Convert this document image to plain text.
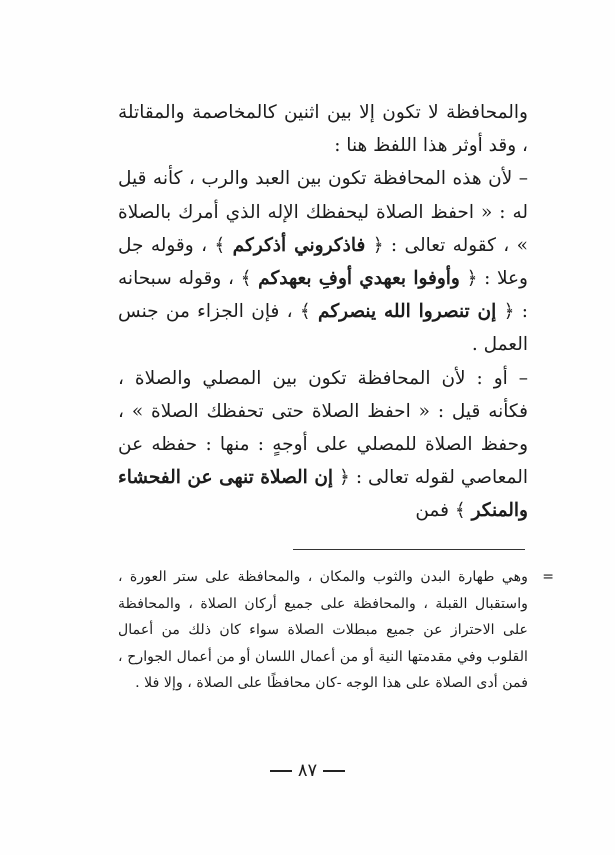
والمحافظة لا تكون إلا بين اثنين كالمخاصمة والمقاتلة ، وقد أوثر هذا اللفظ هنا :

– لأن هذه المحافظة تكون بين العبد والرب ، كأنه قيل له : « احفظ الصلاة ليحفظك الإله الذي أمرك بالصلاة » ، كقوله تعالى : ﴿ فاذكروني أذكركم ﴾ ، وقوله جل وعلا : ﴿ وأوفوا بعهدي أوفِ بعهدكم ﴾ ، وقوله سبحانه : ﴿ إن تنصروا الله ينصركم ﴾ ، فإن الجزاء من جنس العمل .

– أو : لأن المحافظة تكون بين المصلي والصلاة ، فكأنه قيل : « احفظ الصلاة حتى تحفظك الصلاة » ، وحفظ الصلاة للمصلي على أوجهٍ : منها : حفظه عن المعاصي لقوله تعالى : ﴿ إن الصلاة تنهى عن الفحشاء والمنكر ﴾ فمن

=

وهي طهارة البدن والثوب والمكان ، والمحافظة على ستر العورة ، واستقبال القبلة ، والمحافظة على جميع أركان الصلاة ، والمحافظة على الاحتراز عن جميع مبطلات الصلاة سواء كان ذلك من أعمال القلوب وفي مقدمتها النية أو من أعمال اللسان أو من أعمال الجوارح ، فمن أدى الصلاة على هذا الوجه -كان محافظًا على الصلاة ، وإلا فلا .

٨٧
